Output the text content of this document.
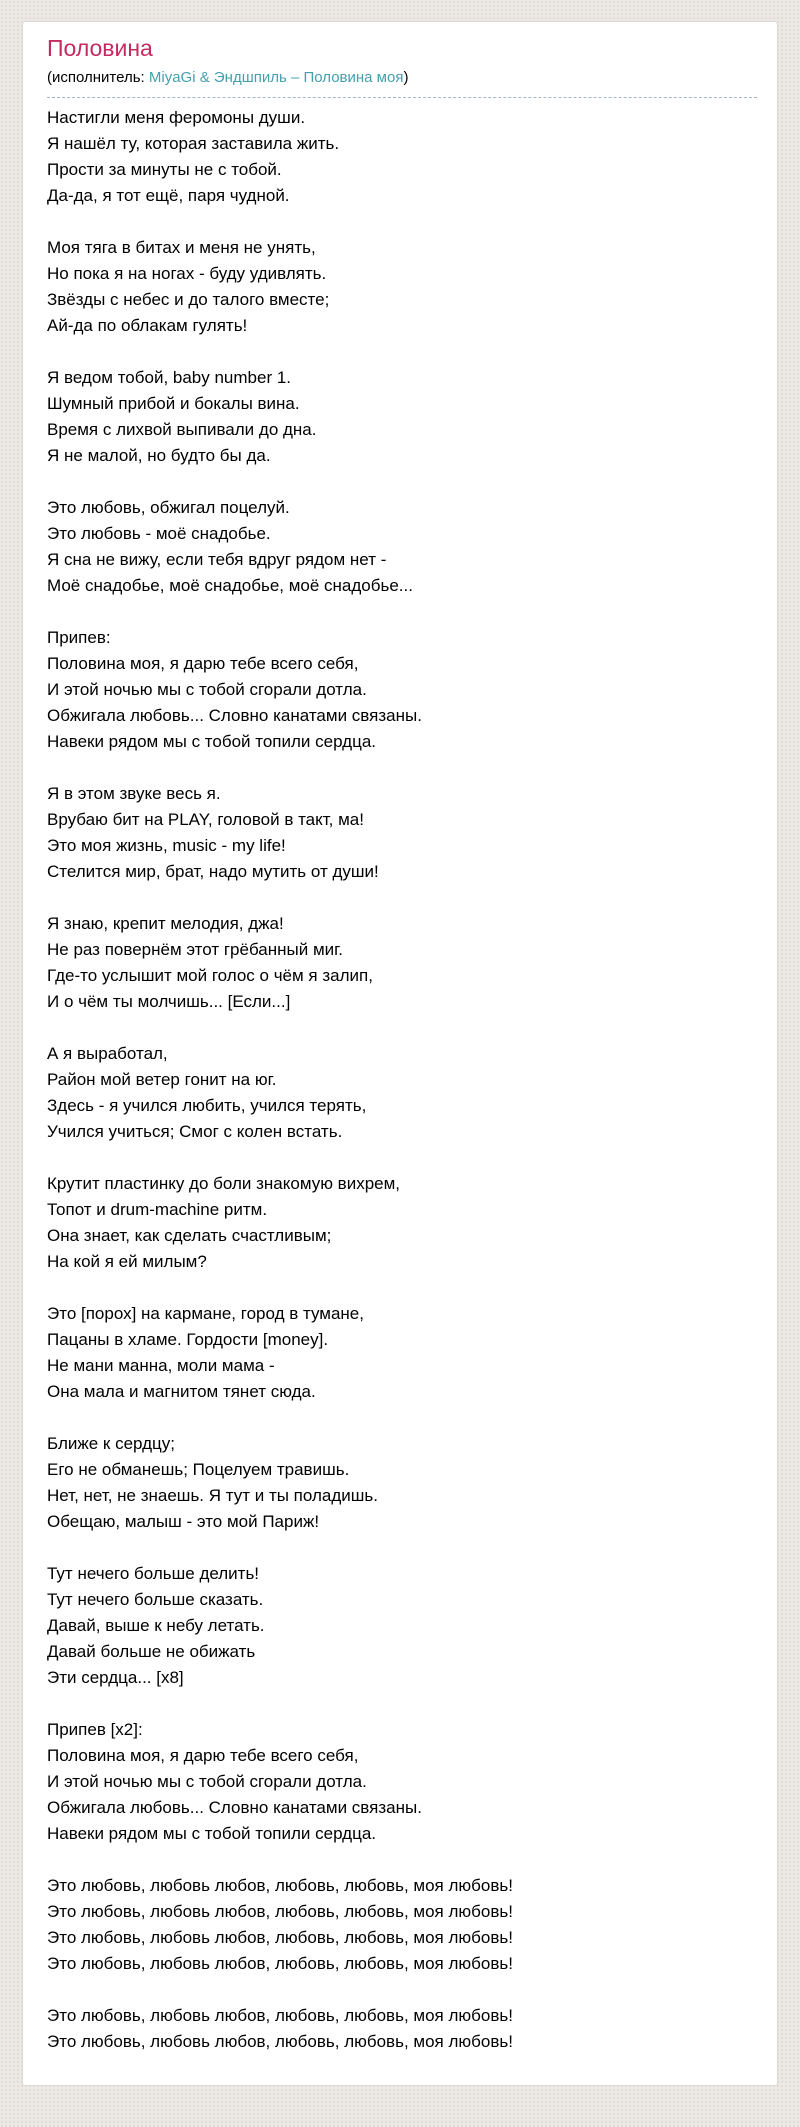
Половина
(исполнитель: MiyaGi & Эндшпиль – Половина моя)

Настигли меня феромоны души.
Я нашёл ту, которая заставила жить.
Прости за минуты не с тобой.
Да-да, я тот ещё, паря чудной.

Моя тяга в битах и меня не унять,
Но пока я на ногах - буду удивлять.
Звёзды с небес и до талого вместе;
Ай-да по облакам гулять!

Я ведом тобой, baby number 1.
Шумный прибой и бокалы вина.
Время с лихвой выпивали до дна.
Я не малой, но будто бы да.

Это любовь, обжигал поцелуй.
Это любовь - моё снадобье.
Я сна не вижу, если тебя вдруг рядом нет -
Моё снадобье, моё снадобье, моё снадобье...

Припев:
Половина моя, я дарю тебе всего себя,
И этой ночью мы с тобой сгорали дотла.
Обжигала любовь... Словно канатами связаны.
Навеки рядом мы с тобой топили сердца.

Я в этом звуке весь я.
Врубаю бит на PLAY, головой в такт, ма!
Это моя жизнь, music - my life!
Стелится мир, брат, надо мутить от души!

Я знаю, крепит мелодия, джа!
Не раз повернём этот грёбанный миг.
Где-то услышит мой голос о чём я залип,
И о чём ты молчишь... [Если...]

А я выработал,
Район мой ветер гонит на юг.
Здесь - я учился любить, учился терять,
Учился учиться; Смог с колен встать.

Крутит пластинку до боли знакомую вихрем,
Топот и drum-machine ритм.
Она знает, как сделать счастливым;
На кой я ей милым?

Это [порох] на кармане, город в тумане,
Пацаны в хламе. Гордости [money].
Не мани манна, моли мама -
Она мала и магнитом тянет сюда.

Ближе к сердцу;
Его не обманешь; Поцелуем травишь.
Нет, нет, не знаешь. Я тут и ты поладишь.
Обещаю, малыш - это мой Париж!

Тут нечего больше делить!
Тут нечего больше сказать.
Давай, выше к небу летать.
Давай больше не обижать
Эти сердца... [x8]

Припев [x2]:
Половина моя, я дарю тебе всего себя,
И этой ночью мы с тобой сгорали дотла.
Обжигала любовь... Словно канатами связаны.
Навеки рядом мы с тобой топили сердца.

Это любовь, любовь любов, любовь, любовь, моя любовь!
Это любовь, любовь любов, любовь, любовь, моя любовь!
Это любовь, любовь любов, любовь, любовь, моя любовь!
Это любовь, любовь любов, любовь, любовь, моя любовь!

Это любовь, любовь любов, любовь, любовь, моя любовь!
Это любовь, любовь любов, любовь, любовь, моя любовь!
